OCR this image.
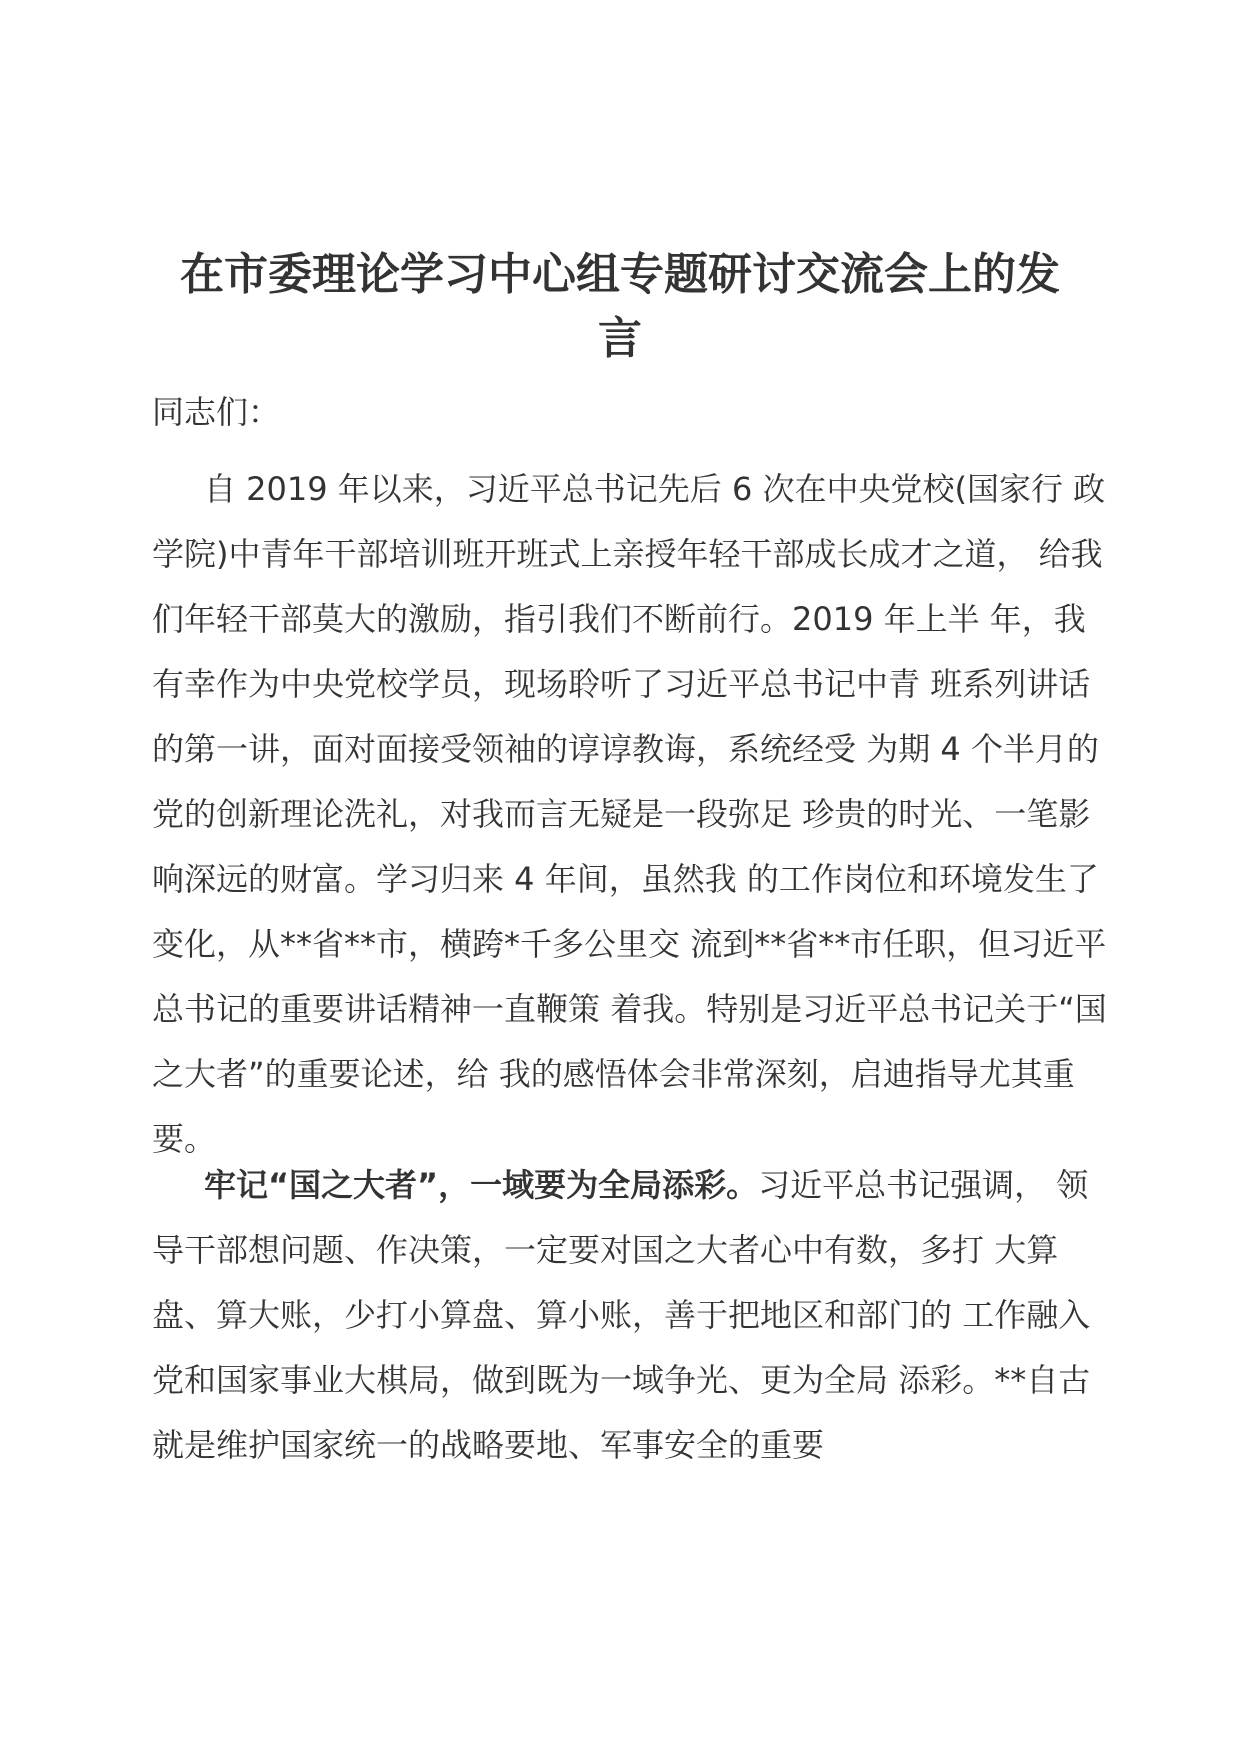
在市委理论学习中心组专题研讨交流会上的发
言

同志们：

自 2019 年以来，习近平总书记先后 6 次在中央党校(国家行 政学院)中青年干部培训班开班式上亲授年轻干部成长成才之道， 给我们年轻干部莫大的激励，指引我们不断前行。2019 年上半 年，我有幸作为中央党校学员，现场聆听了习近平总书记中青 班系列讲话的第一讲，面对面接受领袖的谆谆教诲，系统经受 为期 4 个半月的党的创新理论洗礼，对我而言无疑是一段弥足 珍贵的时光、一笔影响深远的财富。学习归来 4 年间，虽然我 的工作岗位和环境发生了变化，从**省**市，横跨*千多公里交 流到**省**市任职，但习近平总书记的重要讲话精神一直鞭策 着我。特别是习近平总书记关于“国之大者”的重要论述，给 我的感悟体会非常深刻，启迪指导尤其重要。
牢记“国之大者”，一域要为全局添彩。习近平总书记强调， 领导干部想问题、作决策，一定要对国之大者心中有数，多打 大算盘、算大账，少打小算盘、算小账，善于把地区和部门的 工作融入党和国家事业大棋局，做到既为一域争光、更为全局 添彩。**自古就是维护国家统一的战略要地、军事安全的重要
